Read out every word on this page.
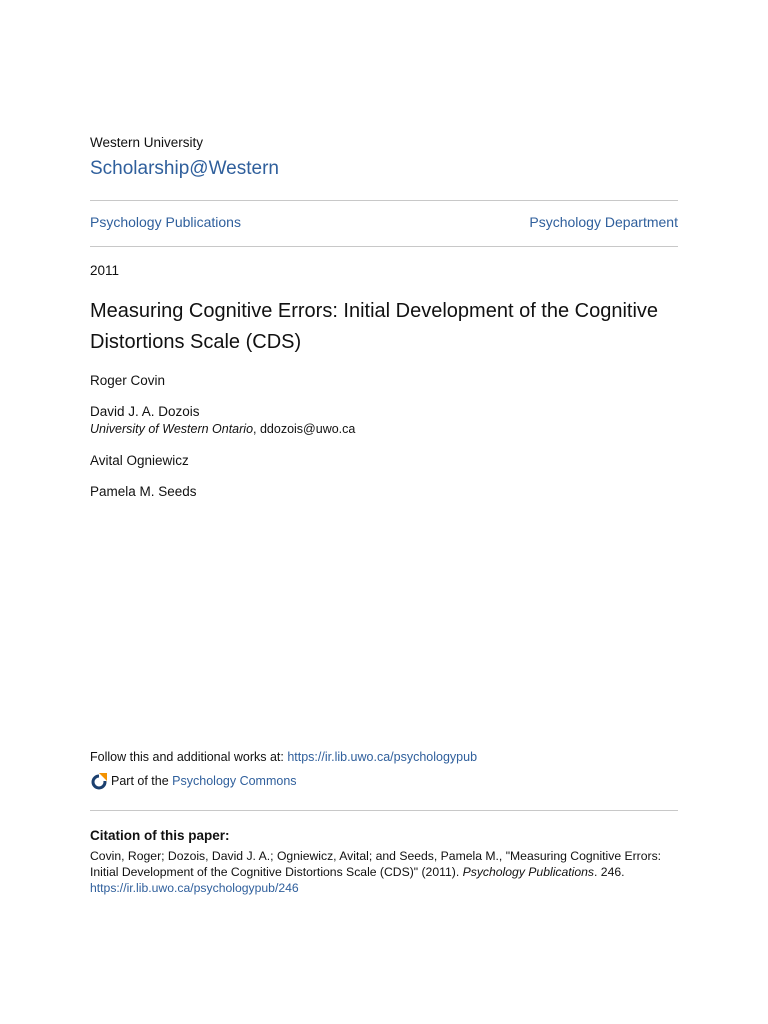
Western University
Scholarship@Western
Psychology Publications	Psychology Department
2011
Measuring Cognitive Errors: Initial Development of the Cognitive Distortions Scale (CDS)
Roger Covin
David J. A. Dozois
University of Western Ontario, ddozois@uwo.ca
Avital Ogniewicz
Pamela M. Seeds
Follow this and additional works at: https://ir.lib.uwo.ca/psychologypub
Part of the
Psychology Commons
Citation of this paper:
Covin, Roger; Dozois, David J. A.; Ogniewicz, Avital; and Seeds, Pamela M., "Measuring Cognitive Errors: Initial Development of the Cognitive Distortions Scale (CDS)" (2011). Psychology Publications. 246.
https://ir.lib.uwo.ca/psychologypub/246
